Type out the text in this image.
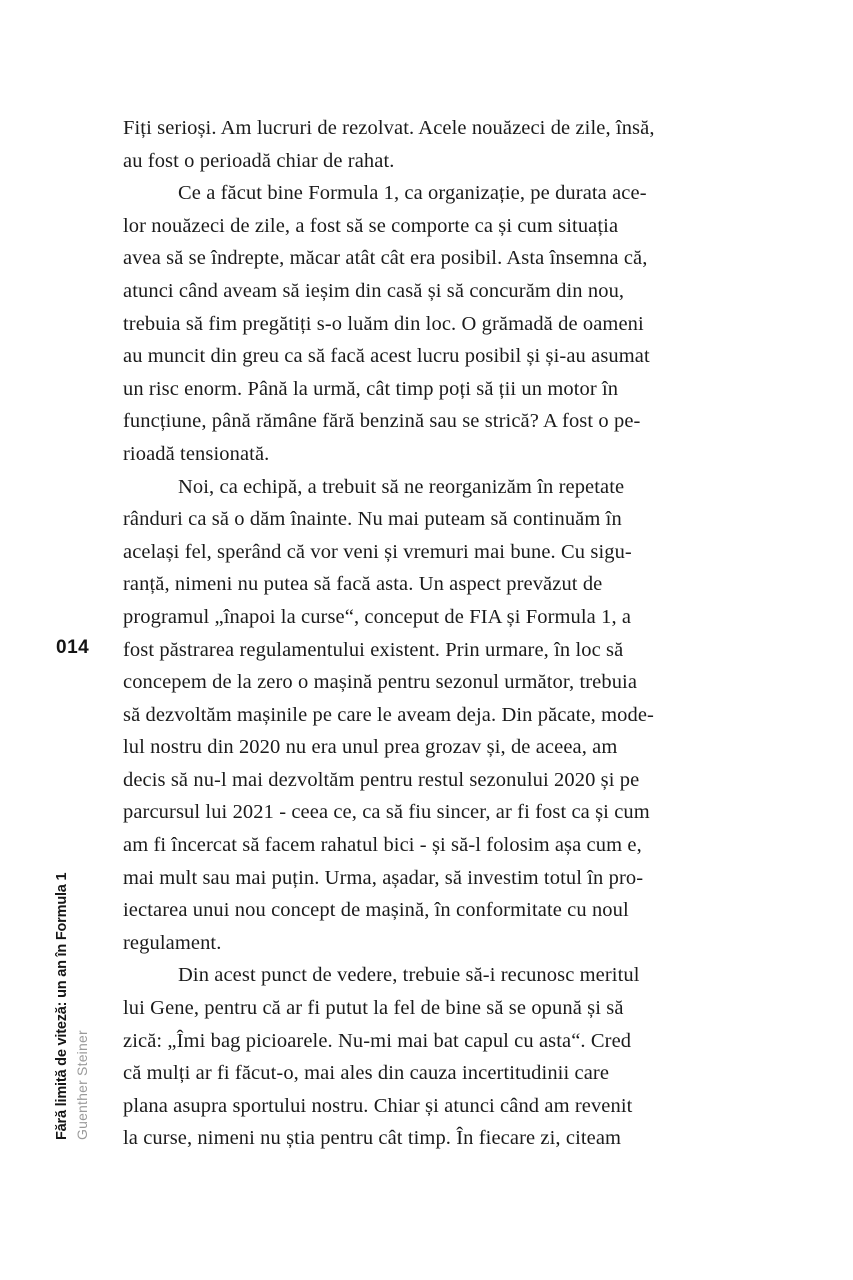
014
Fără limită de viteză: un an în Formula 1 Guenther Steiner
Fiți serioși. Am lucruri de rezolvat. Acele nouăzeci de zile, însă,
au fost o perioadă chiar de rahat.
Ce a făcut bine Formula 1, ca organizație, pe durata ace-
lor nouăzeci de zile, a fost să se comporte ca și cum situația
avea să se îndrepte, măcar atât cât era posibil. Asta însemna că,
atunci când aveam să ieșim din casă și să concurăm din nou,
trebuia să fim pregătiți s-o luăm din loc. O grămadă de oameni
au muncit din greu ca să facă acest lucru posibil și și-au asumat
un risc enorm. Până la urmă, cât timp poți să ții un motor în
funcțiune, până rămâne fără benzină sau se strică? A fost o pe-
rioadă tensionată.
Noi, ca echipă, a trebuit să ne reorganizăm în repetate
rânduri ca să o dăm înainte. Nu mai puteam să continuăm în
același fel, sperând că vor veni și vremuri mai bune. Cu sigu-
ranță, nimeni nu putea să facă asta. Un aspect prevăzut de
programul „înapoi la curse“, conceput de FIA și Formula 1, a
fost păstrarea regulamentului existent. Prin urmare, în loc să
concepem de la zero o mașină pentru sezonul următor, trebuia
să dezvoltăm mașinile pe care le aveam deja. Din păcate, mode-
lul nostru din 2020 nu era unul prea grozav și, de aceea, am
decis să nu-l mai dezvoltăm pentru restul sezonului 2020 și pe
parcursul lui 2021 - ceea ce, ca să fiu sincer, ar fi fost ca și cum
am fi încercat să facem rahatul bici - și să-l folosim așa cum e,
mai mult sau mai puțin. Urma, așadar, să investim totul în pro-
iectarea unui nou concept de mașină, în conformitate cu noul
regulament.
Din acest punct de vedere, trebuie să-i recunosc meritul
lui Gene, pentru că ar fi putut la fel de bine să se opună și să
zică: „Îmi bag picioarele. Nu-mi mai bat capul cu asta“. Cred
că mulți ar fi făcut-o, mai ales din cauza incertitudinii care
plana asupra sportului nostru. Chiar și atunci când am revenit
la curse, nimeni nu știa pentru cât timp. În fiecare zi, citeam
